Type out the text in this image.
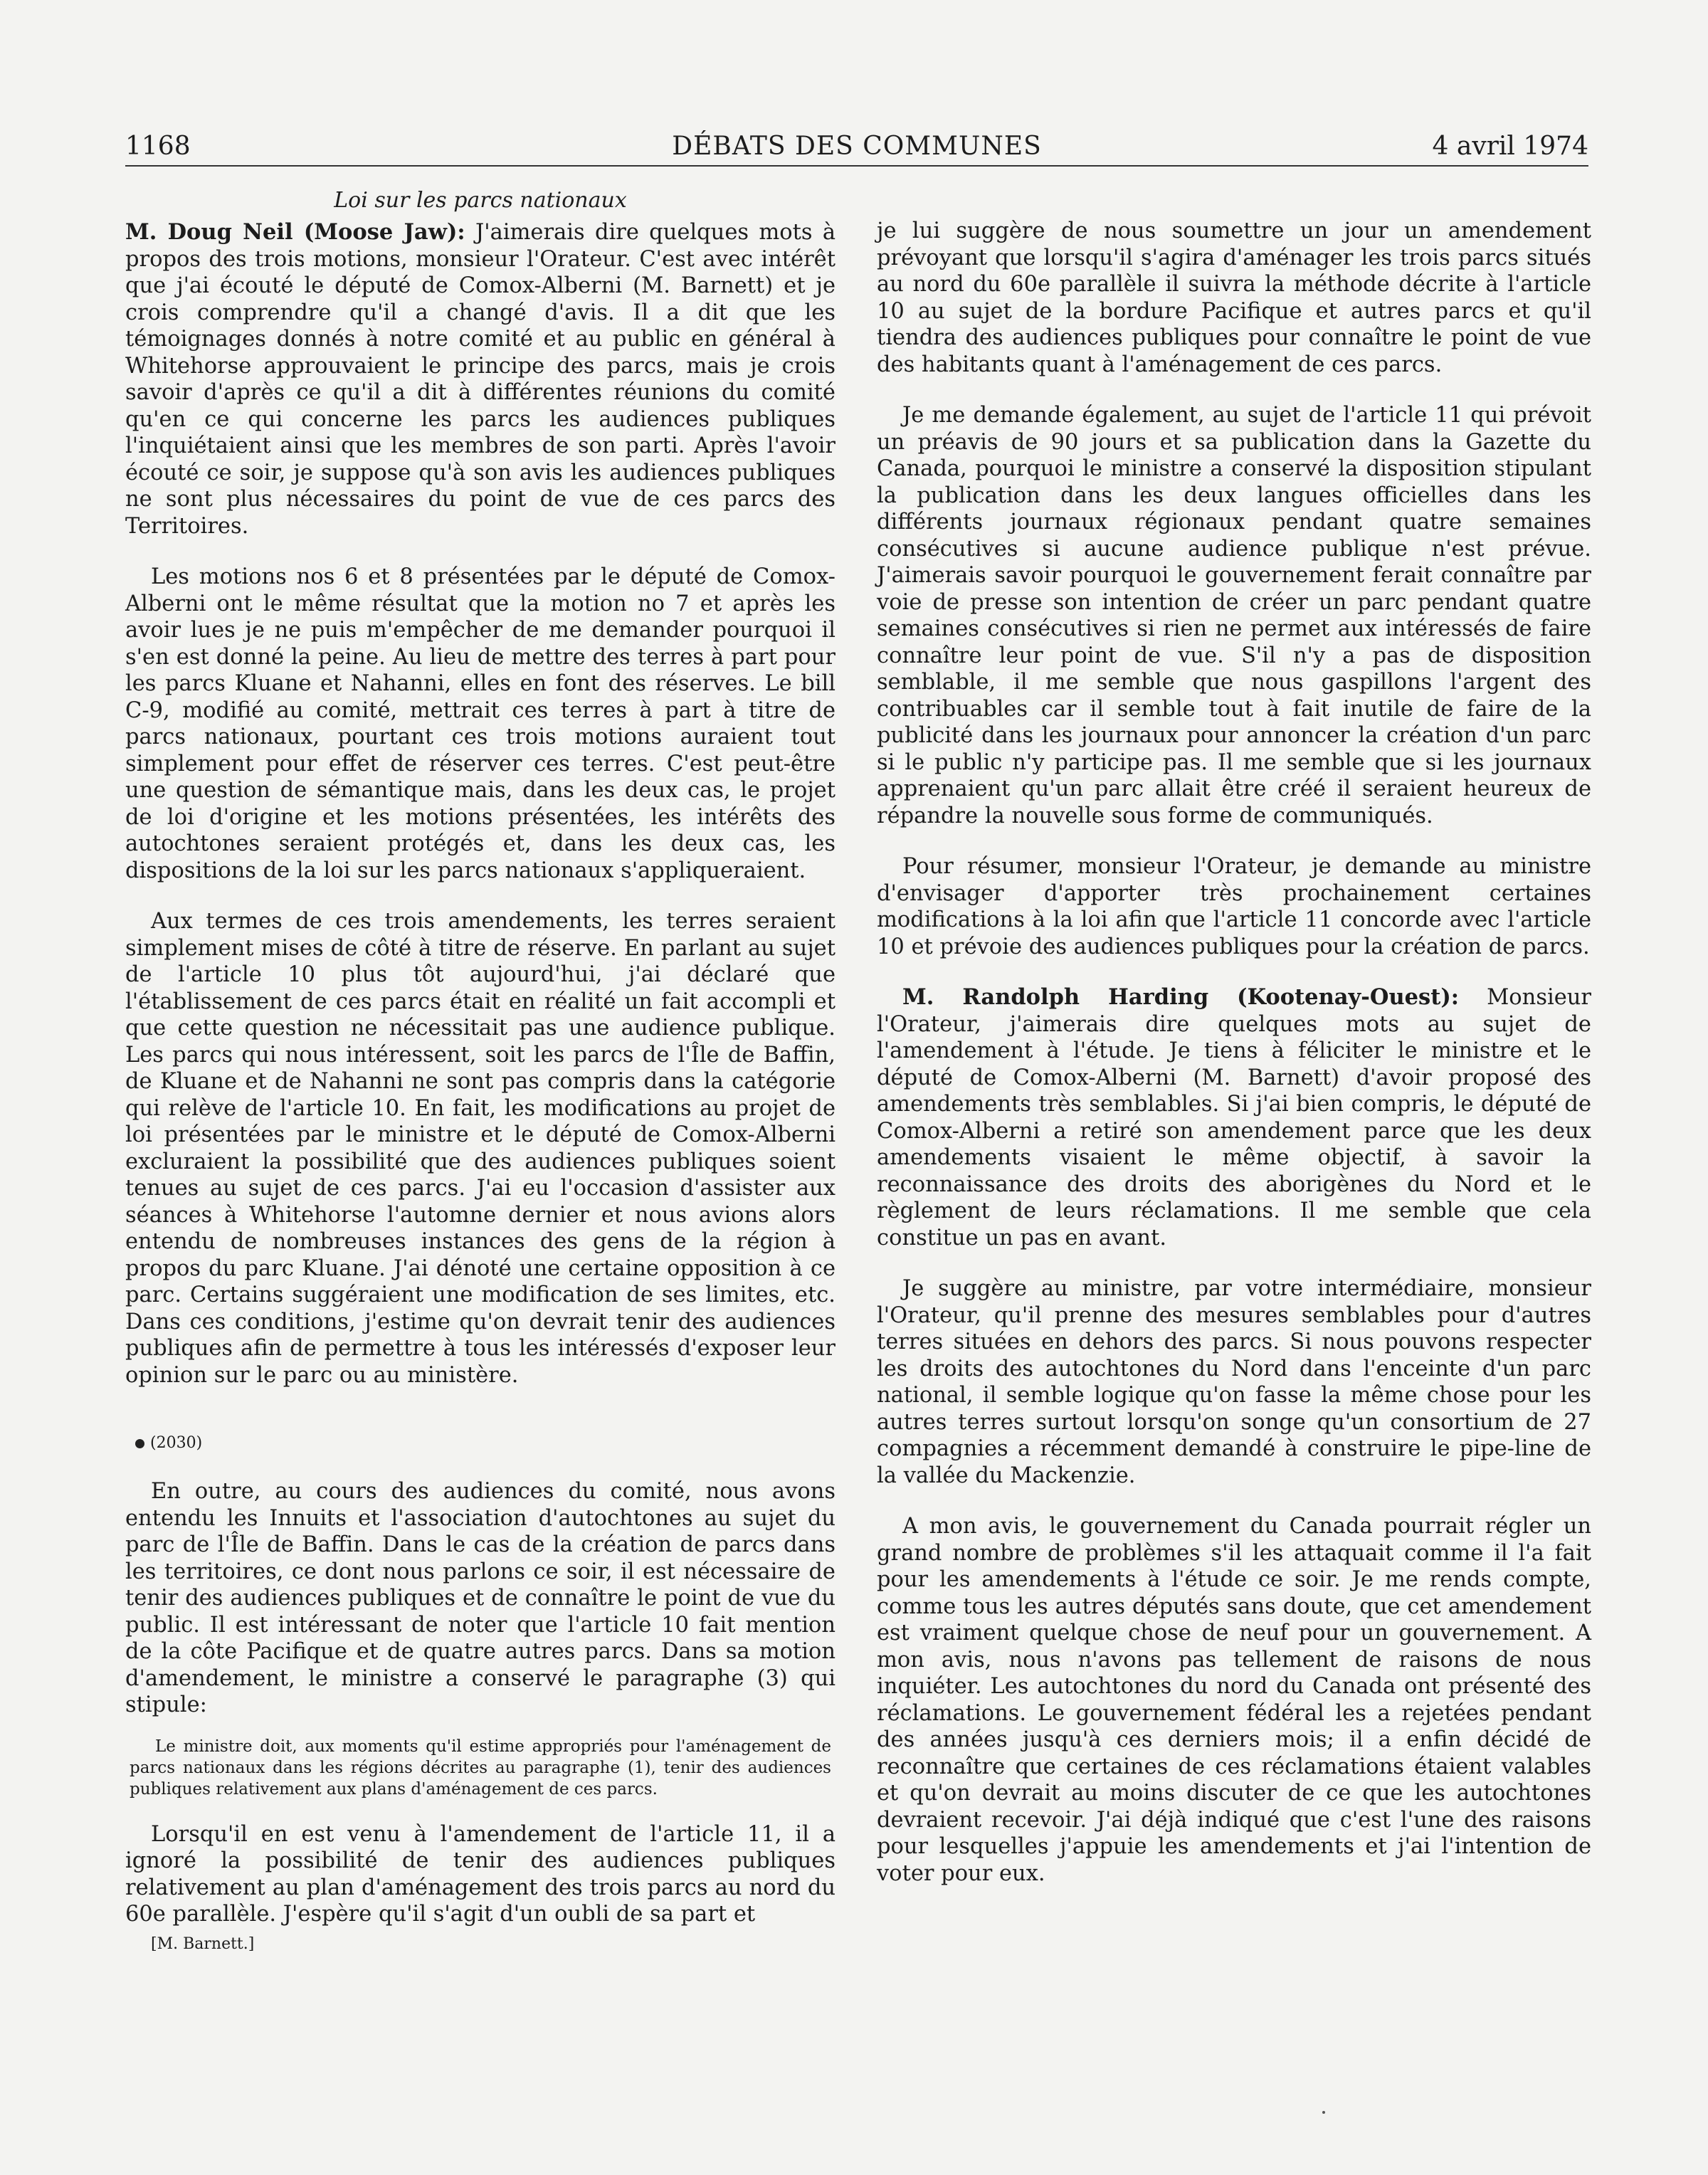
1168	DÉBATS DES COMMUNES	4 avril 1974
Loi sur les parcs nationaux

M. Doug Neil (Moose Jaw): J'aimerais dire quelques mots à propos des trois motions, monsieur l'Orateur. C'est avec intérêt que j'ai écouté le député de Comox-Alberni (M. Barnett) et je crois comprendre qu'il a changé d'avis. Il a dit que les témoignages donnés à notre comité et au public en général à Whitehorse approuvaient le principe des parcs, mais je crois savoir d'après ce qu'il a dit à différentes réunions du comité qu'en ce qui concerne les parcs les audiences publiques l'inquiétaient ainsi que les membres de son parti. Après l'avoir écouté ce soir, je suppose qu'à son avis les audiences publiques ne sont plus nécessaires du point de vue de ces parcs des Territoires.

Les motions nos 6 et 8 présentées par le député de Comox-Alberni ont le même résultat que la motion no 7 et après les avoir lues je ne puis m'empêcher de me demander pourquoi il s'en est donné la peine. Au lieu de mettre des terres à part pour les parcs Kluane et Nahanni, elles en font des réserves. Le bill C-9, modifié au comité, mettrait ces terres à part à titre de parcs nationaux, pourtant ces trois motions auraient tout simplement pour effet de réserver ces terres. C'est peut-être une question de sémantique mais, dans les deux cas, le projet de loi d'origine et les motions présentées, les intérêts des autochtones seraient protégés et, dans les deux cas, les dispositions de la loi sur les parcs nationaux s'appliqueraient.

Aux termes de ces trois amendements, les terres seraient simplement mises de côté à titre de réserve. En parlant au sujet de l'article 10 plus tôt aujourd'hui, j'ai déclaré que l'établissement de ces parcs était en réalité un fait accompli et que cette question ne nécessitait pas une audience publique. Les parcs qui nous intéressent, soit les parcs de l'Île de Baffin, de Kluane et de Nahanni ne sont pas compris dans la catégorie qui relève de l'article 10. En fait, les modifications au projet de loi présentées par le ministre et le député de Comox-Alberni excluraient la possibilité que des audiences publiques soient tenues au sujet de ces parcs. J'ai eu l'occasion d'assister aux séances à Whitehorse l'automne dernier et nous avions alors entendu de nombreuses instances des gens de la région à propos du parc Kluane. J'ai dénoté une certaine opposition à ce parc. Certains suggéraient une modification de ses limites, etc. Dans ces conditions, j'estime qu'on devrait tenir des audiences publiques afin de permettre à tous les intéressés d'exposer leur opinion sur le parc ou au ministère.

(2030)

En outre, au cours des audiences du comité, nous avons entendu les Innuits et l'association d'autochtones au sujet du parc de l'Île de Baffin. Dans le cas de la création de parcs dans les territoires, ce dont nous parlons ce soir, il est nécessaire de tenir des audiences publiques et de connaître le point de vue du public. Il est intéressant de noter que l'article 10 fait mention de la côte Pacifique et de quatre autres parcs. Dans sa motion d'amendement, le ministre a conservé le paragraphe (3) qui stipule:

Le ministre doit, aux moments qu'il estime appropriés pour l'aménagement de parcs nationaux dans les régions décrites au paragraphe (1), tenir des audiences publiques relativement aux plans d'aménagement de ces parcs.

Lorsqu'il en est venu à l'amendement de l'article 11, il a ignoré la possibilité de tenir des audiences publiques relativement au plan d'aménagement des trois parcs au nord du 60e parallèle. J'espère qu'il s'agit d'un oubli de sa part et

[M. Barnett.]

je lui suggère de nous soumettre un jour un amendement prévoyant que lorsqu'il s'agira d'aménager les trois parcs situés au nord du 60e parallèle il suivra la méthode décrite à l'article 10 au sujet de la bordure Pacifique et autres parcs et qu'il tiendra des audiences publiques pour connaître le point de vue des habitants quant à l'aménagement de ces parcs.

Je me demande également, au sujet de l'article 11 qui prévoit un préavis de 90 jours et sa publication dans la Gazette du Canada, pourquoi le ministre a conservé la disposition stipulant la publication dans les deux langues officielles dans les différents journaux régionaux pendant quatre semaines consécutives si aucune audience publique n'est prévue. J'aimerais savoir pourquoi le gouvernement ferait connaître par voie de presse son intention de créer un parc pendant quatre semaines consécutives si rien ne permet aux intéressés de faire connaître leur point de vue. S'il n'y a pas de disposition semblable, il me semble que nous gaspillons l'argent des contribuables car il semble tout à fait inutile de faire de la publicité dans les journaux pour annoncer la création d'un parc si le public n'y participe pas. Il me semble que si les journaux apprenaient qu'un parc allait être créé il seraient heureux de répandre la nouvelle sous forme de communiqués.

Pour résumer, monsieur l'Orateur, je demande au ministre d'envisager d'apporter très prochainement certaines modifications à la loi afin que l'article 11 concorde avec l'article 10 et prévoie des audiences publiques pour la création de parcs.

M. Randolph Harding (Kootenay-Ouest): Monsieur l'Orateur, j'aimerais dire quelques mots au sujet de l'amendement à l'étude. Je tiens à féliciter le ministre et le député de Comox-Alberni (M. Barnett) d'avoir proposé des amendements très semblables. Si j'ai bien compris, le député de Comox-Alberni a retiré son amendement parce que les deux amendements visaient le même objectif, à savoir la reconnaissance des droits des aborigènes du Nord et le règlement de leurs réclamations. Il me semble que cela constitue un pas en avant.

Je suggère au ministre, par votre intermédiaire, monsieur l'Orateur, qu'il prenne des mesures semblables pour d'autres terres situées en dehors des parcs. Si nous pouvons respecter les droits des autochtones du Nord dans l'enceinte d'un parc national, il semble logique qu'on fasse la même chose pour les autres terres surtout lorsqu'on songe qu'un consortium de 27 compagnies a récemment demandé à construire le pipe-line de la vallée du Mackenzie.

A mon avis, le gouvernement du Canada pourrait régler un grand nombre de problèmes s'il les attaquait comme il l'a fait pour les amendements à l'étude ce soir. Je me rends compte, comme tous les autres députés sans doute, que cet amendement est vraiment quelque chose de neuf pour un gouvernement. A mon avis, nous n'avons pas tellement de raisons de nous inquiéter. Les autochtones du nord du Canada ont présenté des réclamations. Le gouvernement fédéral les a rejetées pendant des années jusqu'à ces derniers mois; il a enfin décidé de reconnaître que certaines de ces réclamations étaient valables et qu'on devrait au moins discuter de ce que les autochtones devraient recevoir. J'ai déjà indiqué que c'est l'une des raisons pour lesquelles j'appuie les amendements et j'ai l'intention de voter pour eux.
